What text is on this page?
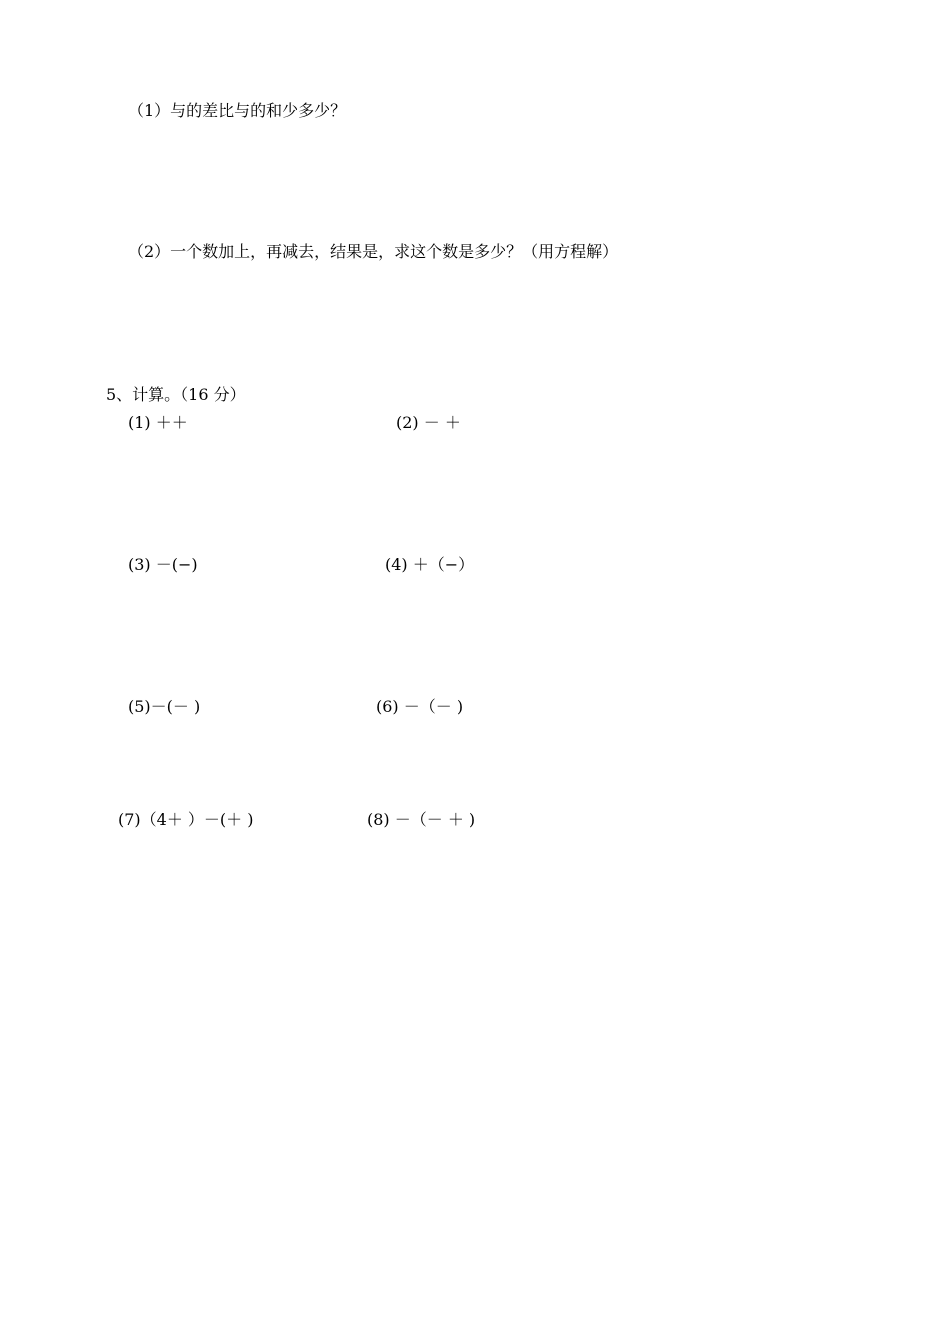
（1）与的差比与的和少多少？
（2）一个数加上，再减去，结果是，求这个数是多少？（用方程解）
5、计算。（16 分）
(1) ＋＋	(2) － ＋
(3) －(−)	(4) ＋（−）
(5)－(－ )	(6) －（－ )
(7)（4＋ ）－(＋ )	(8) －（－ ＋ )
